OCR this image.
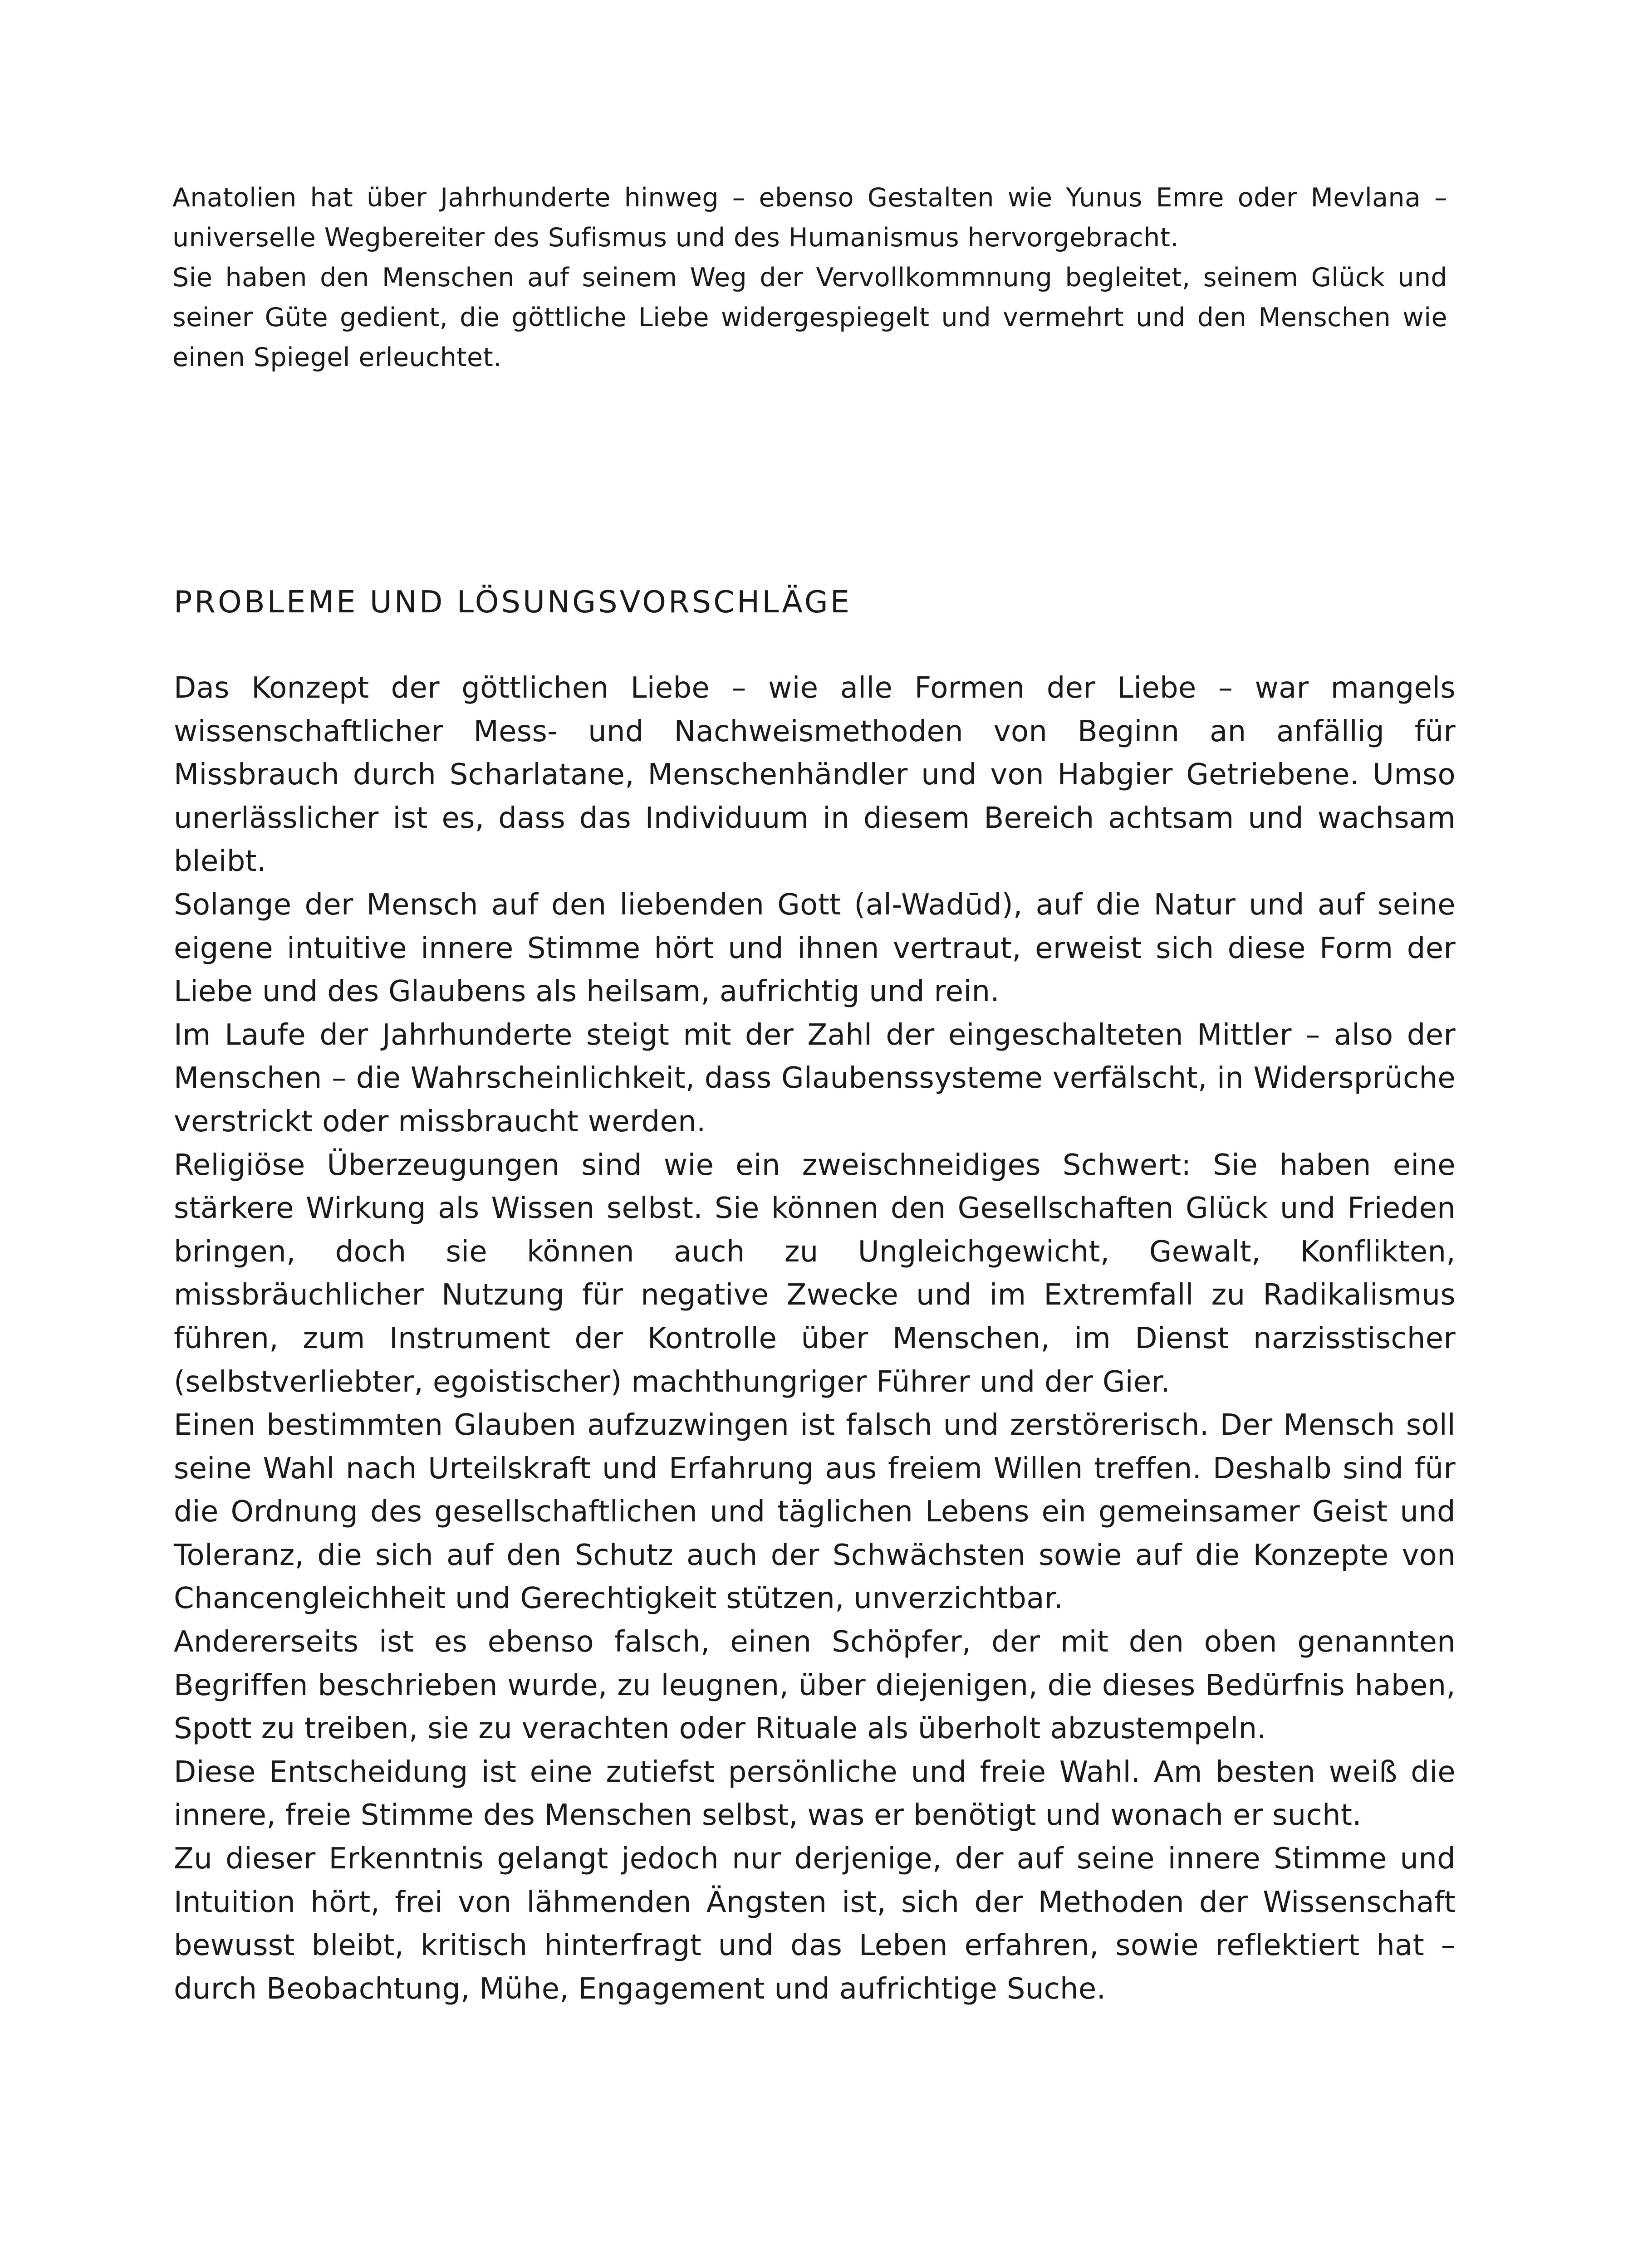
Anatolien hat über Jahrhunderte hinweg – ebenso Gestalten wie Yunus Emre oder Mevlana – universelle Wegbereiter des Sufismus und des Humanismus hervorgebracht.

Sie haben den Menschen auf seinem Weg der Vervollkommnung begleitet, seinem Glück und seiner Güte gedient, die göttliche Liebe widergespiegelt und vermehrt und den Menschen wie einen Spiegel erleuchtet.

PROBLEME UND LÖSUNGSVORSCHLÄGE

Das Konzept der göttlichen Liebe – wie alle Formen der Liebe – war mangels wissenschaftlicher Mess- und Nachweismethoden von Beginn an anfällig für Missbrauch durch Scharlatane, Menschenhändler und von Habgier Getriebene. Umso unerlässlicher ist es, dass das Individuum in diesem Bereich achtsam und wachsam bleibt.

Solange der Mensch auf den liebenden Gott (al-Wadūd), auf die Natur und auf seine eigene intuitive innere Stimme hört und ihnen vertraut, erweist sich diese Form der Liebe und des Glaubens als heilsam, aufrichtig und rein.

Im Laufe der Jahrhunderte steigt mit der Zahl der eingeschalteten Mittler – also der Menschen – die Wahrscheinlichkeit, dass Glaubenssysteme verfälscht, in Widersprüche verstrickt oder missbraucht werden.

Religiöse Überzeugungen sind wie ein zweischneidiges Schwert: Sie haben eine stärkere Wirkung als Wissen selbst. Sie können den Gesellschaften Glück und Frieden bringen, doch sie können auch zu Ungleichgewicht, Gewalt, Konflikten, missbräuchlicher Nutzung für negative Zwecke und im Extremfall zu Radikalismus führen, zum Instrument der Kontrolle über Menschen, im Dienst narzisstischer (selbstverliebter, egoistischer) machthungriger Führer und der Gier.

Einen bestimmten Glauben aufzuzwingen ist falsch und zerstörerisch. Der Mensch soll seine Wahl nach Urteilskraft und Erfahrung aus freiem Willen treffen. Deshalb sind für die Ordnung des gesellschaftlichen und täglichen Lebens ein gemeinsamer Geist und Toleranz, die sich auf den Schutz auch der Schwächsten sowie auf die Konzepte von Chancengleichheit und Gerechtigkeit stützen, unverzichtbar.

Andererseits ist es ebenso falsch, einen Schöpfer, der mit den oben genannten Begriffen beschrieben wurde, zu leugnen, über diejenigen, die dieses Bedürfnis haben, Spott zu treiben, sie zu verachten oder Rituale als überholt abzustempeln.

Diese Entscheidung ist eine zutiefst persönliche und freie Wahl. Am besten weiß die innere, freie Stimme des Menschen selbst, was er benötigt und wonach er sucht.

Zu dieser Erkenntnis gelangt jedoch nur derjenige, der auf seine innere Stimme und Intuition hört, frei von lähmenden Ängsten ist, sich der Methoden der Wissenschaft bewusst bleibt, kritisch hinterfragt und das Leben erfahren, sowie reflektiert hat – durch Beobachtung, Mühe, Engagement und aufrichtige Suche.
